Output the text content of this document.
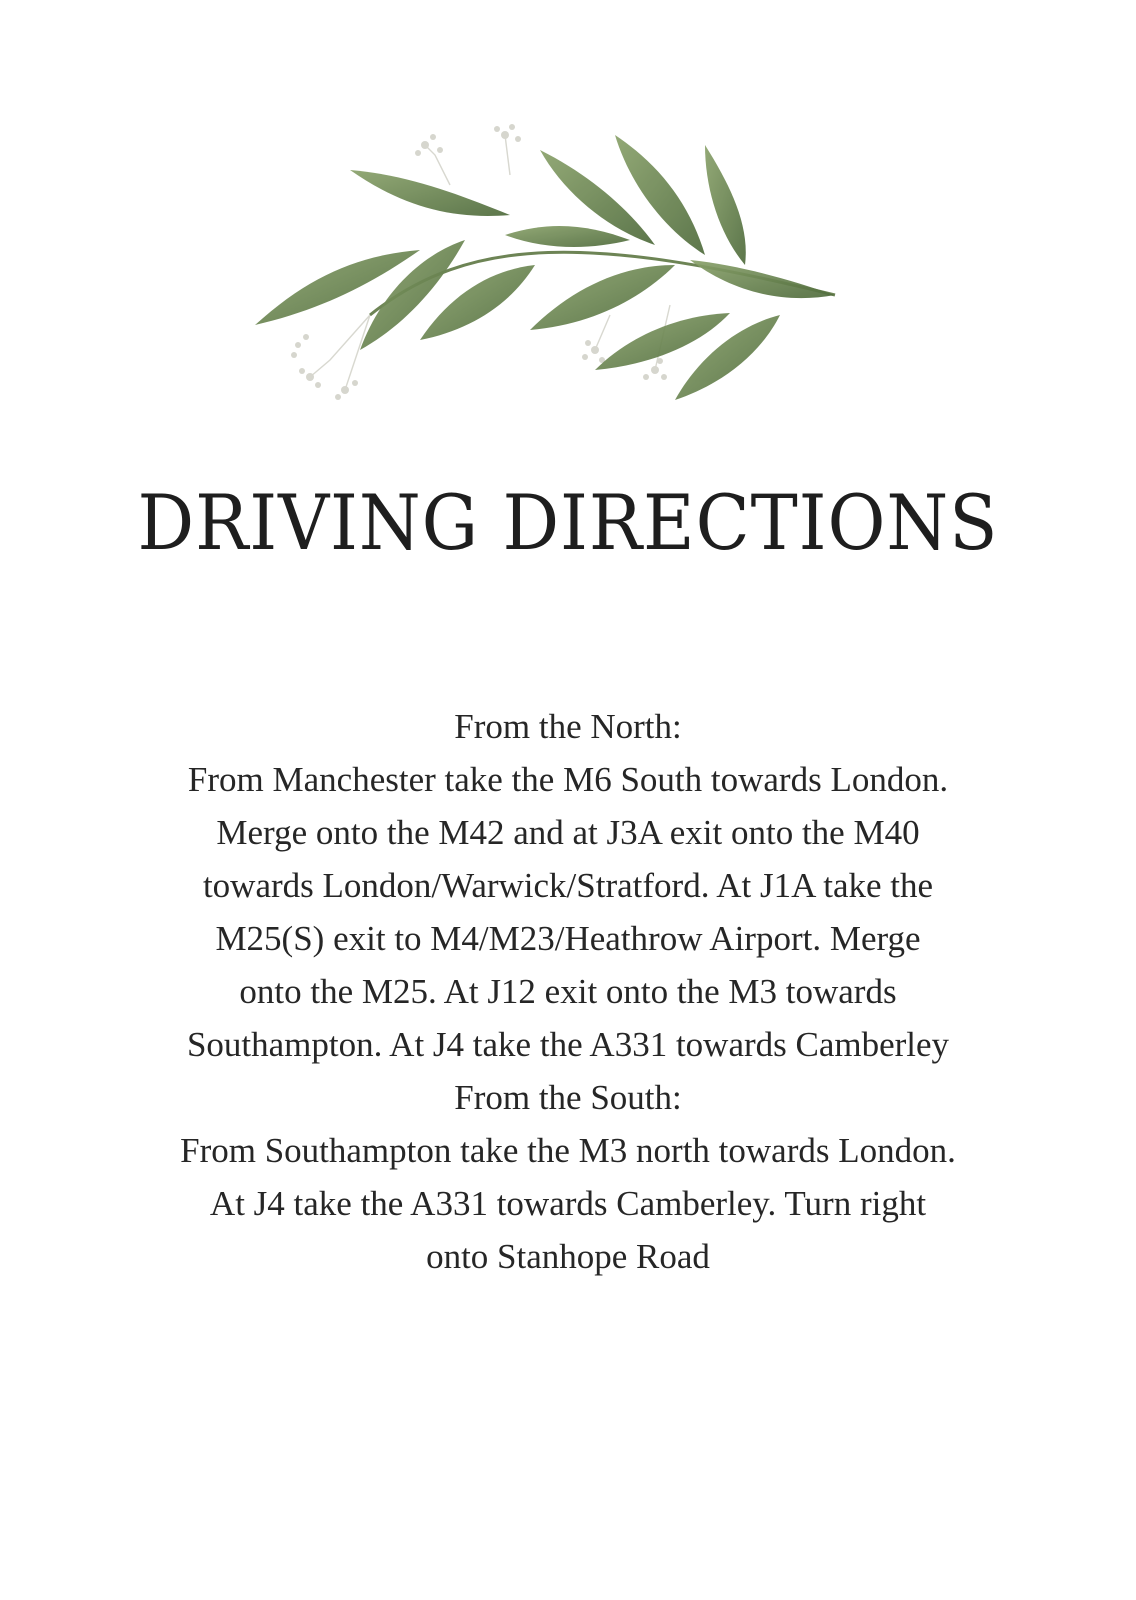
DRIVING DIRECTIONS
From the North:
From Manchester take the M6 South towards London.
Merge onto the M42 and at J3A exit onto the M40
towards London/Warwick/Stratford. At J1A take the
M25(S) exit to M4/M23/Heathrow Airport. Merge
onto the M25. At J12 exit onto the M3 towards
Southampton. At J4 take the A331 towards Camberley
From the South:
From Southampton take the M3 north towards London.
At J4 take the A331 towards Camberley. Turn right
onto Stanhope Road
